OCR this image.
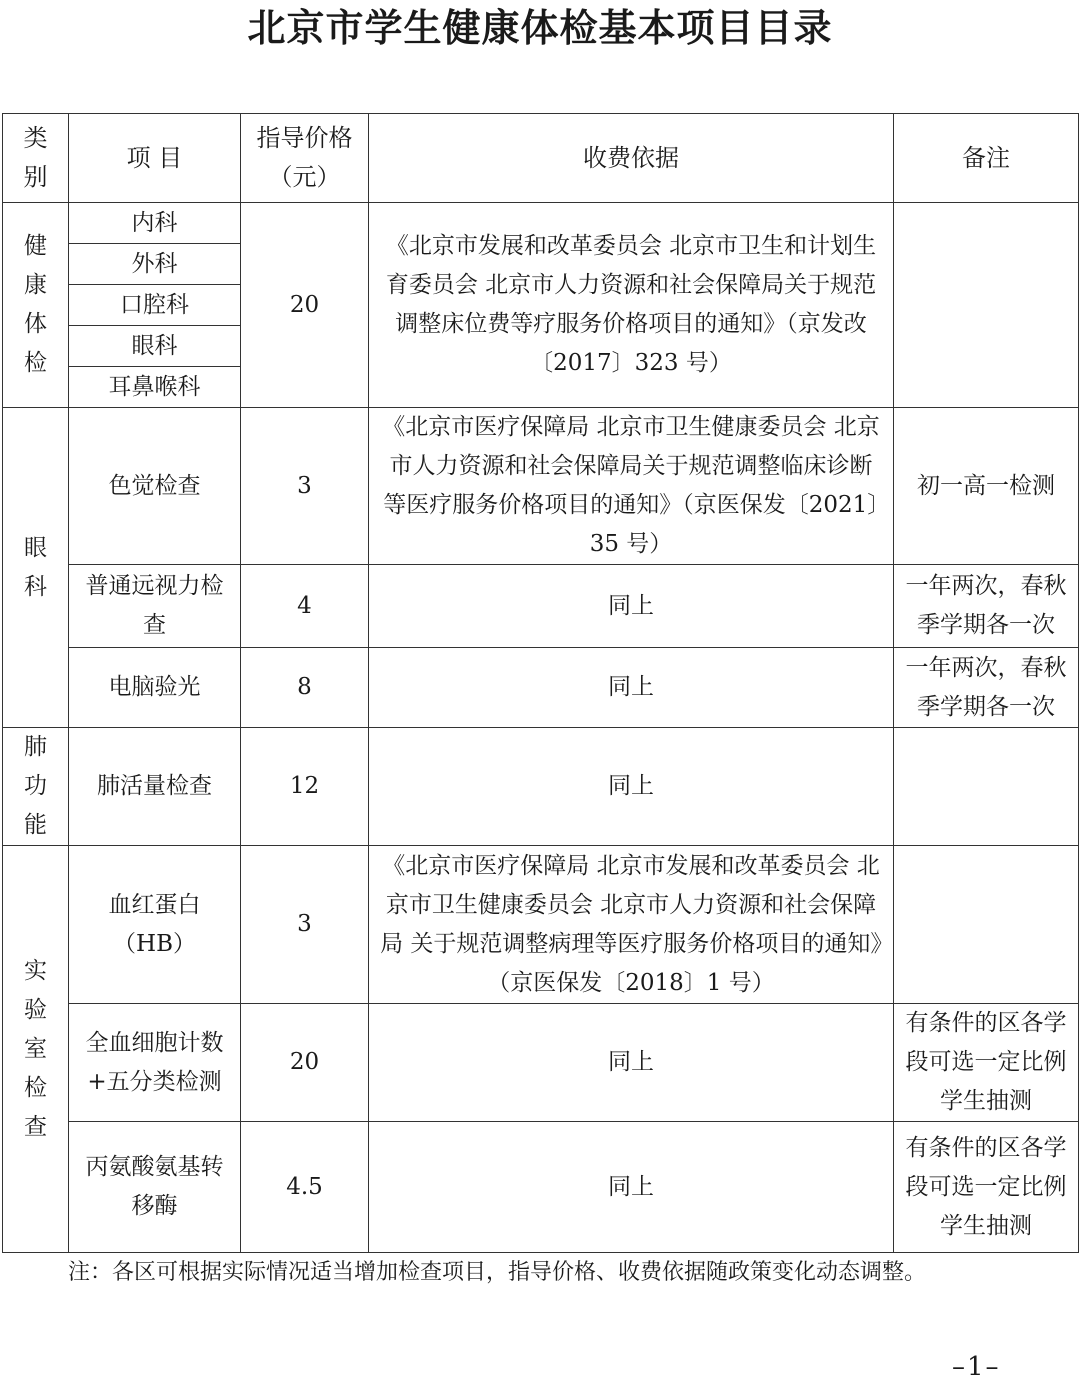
北京市学生健康体检基本项目目录
类
别	项 目	指导价格（元）	收费依据	备注

健
康
体
检	内科	20	《北京市发展和改革委员会 北京市卫生和计划生育委员会 北京市人力资源和社会保障局关于规范调整床位费等疗服务价格项目的通知》（京发改〔2017〕323 号）	
	外科			
	口腔科			
	眼科			
	耳鼻喉科			

眼
科	色觉检查	3	《北京市医疗保障局 北京市卫生健康委员会 北京市人力资源和社会保障局关于规范调整临床诊断等医疗服务价格项目的通知》（京医保发〔2021〕35 号）	初一高一检测
	普通远视力检查	4	同上	一年两次，春秋季学期各一次
	电脑验光	8	同上	一年两次，春秋季学期各一次

肺
功
能	肺活量检查	12	同上	

实
验
室
检
查	血红蛋白（HB）	3	《北京市医疗保障局 北京市发展和改革委员会 北京市卫生健康委员会 北京市人力资源和社会保障局 关于规范调整病理等医疗服务价格项目的通知》（京医保发〔2018〕1 号）	
	全血细胞计数+五分类检测	20	同上	有条件的区各学段可选一定比例学生抽测
	丙氨酸氨基转移酶	4.5	同上	有条件的区各学段可选一定比例学生抽测
注：各区可根据实际情况适当增加检查项目，指导价格、收费依据随政策变化动态调整。
–1–
